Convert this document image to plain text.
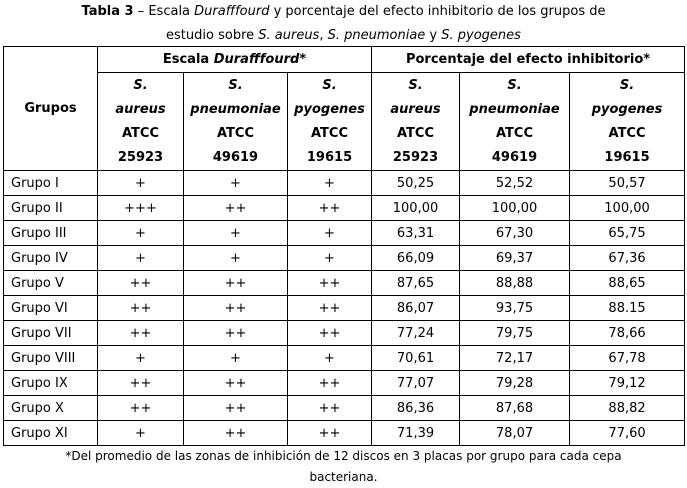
Tabla 3 – Escala Durafffourd y porcentaje del efecto inhibitorio de los grupos de
estudio sobre S. aureus, S. pneumoniae y S. pyogenes
Grupos	Escala Durafffourd*			Porcentaje del efecto inhibitorio*		

	S.
aureus
ATCC
25923	S.
pneumoniae
ATCC
49619	S.
pyogenes
ATCC
19615	S.
aureus
ATCC
25923	S.
pneumoniae
ATCC
49619	S.
pyogenes
ATCC
19615

Grupo I	+	+	+	50,25	52,52	50,57
Grupo II	+++	++	++	100,00	100,00	100,00
Grupo III	+	+	+	63,31	67,30	65,75
Grupo IV	+	+	+	66,09	69,37	67,36
Grupo V	++	++	++	87,65	88,88	88,65
Grupo VI	++	++	++	86,07	93,75	88.15
Grupo VII	++	++	++	77,24	79,75	78,66
Grupo VIII	+	+	+	70,61	72,17	67,78
Grupo IX	++	++	++	77,07	79,28	79,12
Grupo X	++	++	++	86,36	87,68	88,82
Grupo XI	+	++	++	71,39	78,07	77,60
*Del promedio de las zonas de inhibición de 12 discos en 3 placas por grupo para cada cepa
bacteriana.
